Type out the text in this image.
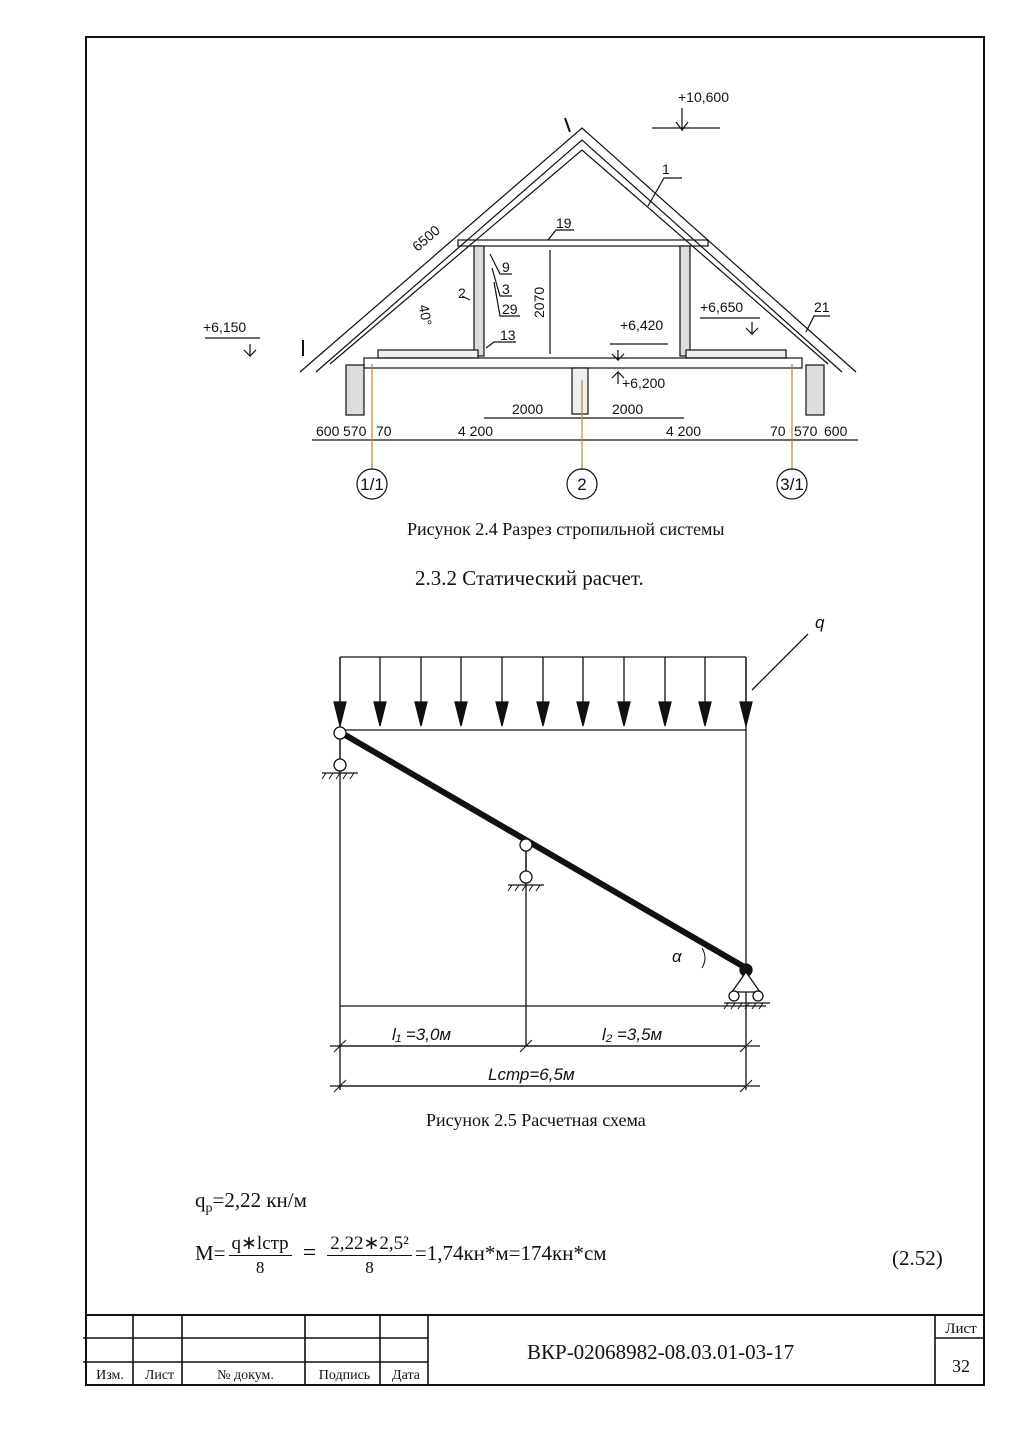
+10,600
+6,150
+6,650
+6,420
+6,200
6500
2070
40°
1
19
9
3
29
2
13
21
2000	2000
600 570 70	4 200	4 200	70 570 600
1/1	2	3/1
Рисунок 2.4 Разрез стропильной системы
2.3.2 Статический расчет.
q
α
l₁ =3,0м	l₂ =3,5м
Lстр=6,5м
Рисунок 2.5 Расчетная схема
$q_p=2,22$ кн/м
$M= \frac{\text{q∗lстр}}{8} = \frac{\text{2,22∗2,5²}}{8} =1,74кн*м=174кн*см$	(2.52)
Изм.	Лист	№ докум.	Подпись	Дата
ВКР-02068982-08.03.01-03-17
Лист
32
